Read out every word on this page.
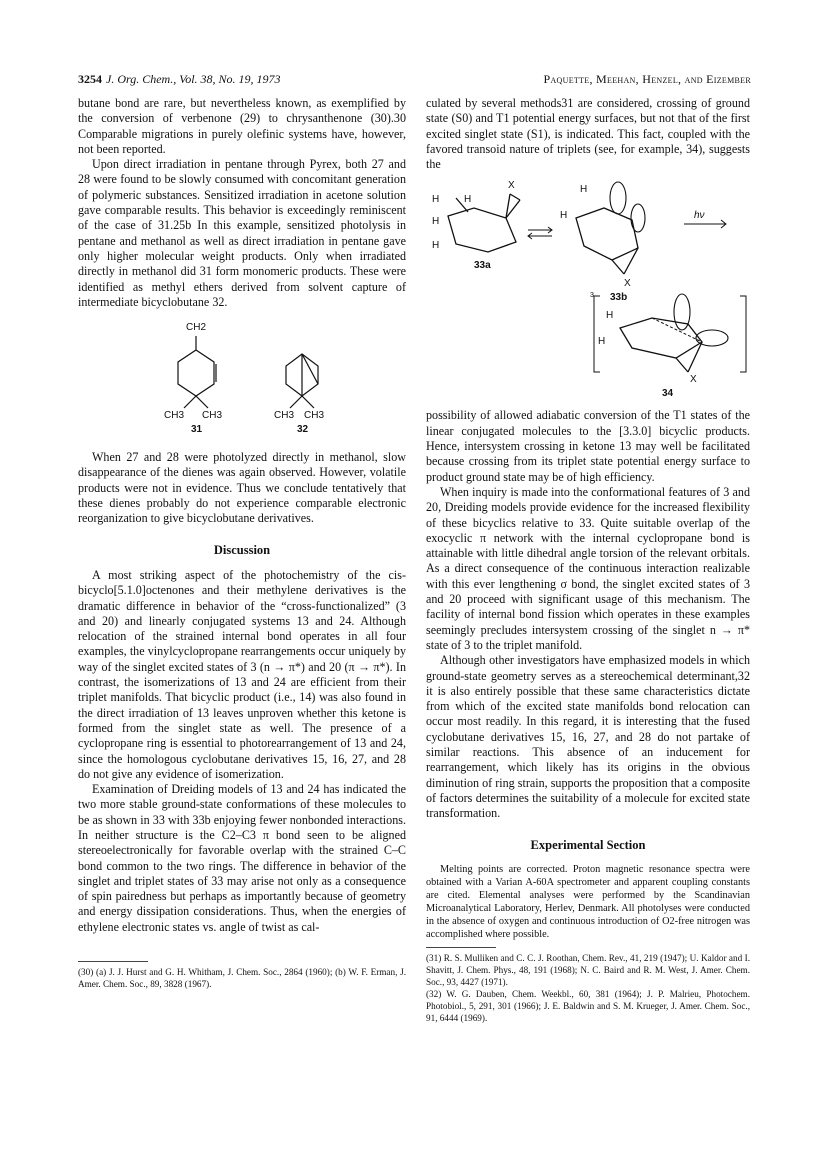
3254 J. Org. Chem., Vol. 38, No. 19, 1973	Paquette, Meehan, Henzel, and Eizember

butane bond are rare, but nevertheless known, as exemplified by the conversion of verbenone (29) to chrysanthenone (30).30 Comparable migrations in purely olefinic systems have, however, not been reported.

Upon direct irradiation in pentane through Pyrex, both 27 and 28 were found to be slowly consumed with concomitant generation of polymeric substances. Sensitized irradiation in acetone solution gave comparable results. This behavior is exceedingly reminiscent of the case of 31.25b In this example, sensitized photolysis in pentane and methanol as well as direct irradiation in pentane gave only higher molecular weight products. Only when irradiated directly in methanol did 31 form monomeric products. These were identified as methyl ethers derived from solvent capture of intermediate bicyclobutane 32.

CH2
CH3 CH3
31
CH3 CH3
32

When 27 and 28 were photolyzed directly in methanol, slow disappearance of the dienes was again observed. However, volatile products were not in evidence. Thus we conclude tentatively that these dienes probably do not experience comparable electronic reorganization to give bicyclobutane derivatives.

Discussion

A most striking aspect of the photochemistry of the cis-bicyclo[5.1.0]octenones and their methylene derivatives is the dramatic difference in behavior of the “cross-functionalized” (3 and 20) and linearly conjugated systems 13 and 24. Although relocation of the strained internal bond operates in all four examples, the vinylcyclopropane rearrangements occur uniquely by way of the singlet excited states of 3 (n → π*) and 20 (π → π*). In contrast, the isomerizations of 13 and 24 are efficient from their triplet manifolds. That bicyclic product (i.e., 14) was also found in the direct irradiation of 13 leaves unproven whether this ketone is formed from the singlet state as well. The presence of a cyclopropane ring is essential to photorearrangement of 13 and 24, since the homologous cyclobutane derivatives 15, 16, 27, and 28 do not give any evidence of isomerization.

Examination of Dreiding models of 13 and 24 has indicated the two more stable ground-state conformations of these molecules to be as shown in 33 with 33b enjoying fewer nonbonded interactions. In neither structure is the C2–C3 π bond seen to be aligned stereoelectronically for favorable overlap with the strained C–C bond common to the two rings. The difference in behavior of the singlet and triplet states of 33 may arise not only as a consequence of spin pairedness but perhaps as importantly because of geometry and energy dissipation considerations. Thus, when the energies of ethylene electronic states vs. angle of twist as cal-

(30) (a) J. J. Hurst and G. H. Whitham, J. Chem. Soc., 2864 (1960); (b) W. F. Erman, J. Amer. Chem. Soc., 89, 3828 (1967).

culated by several methods31 are considered, crossing of ground state (S0) and T1 potential energy surfaces, but not that of the first excited singlet state (S1), is indicated. This fact, coupled with the favored transoid nature of triplets (see, for example, 34), suggests the

X
H H
H
H
33a
H
H
X
33b
hν
3
H
H
X
34

possibility of allowed adiabatic conversion of the T1 states of the linear conjugated molecules to the [3.3.0] bicyclic products. Hence, intersystem crossing in ketone 13 may well be facilitated because crossing from its triplet state potential energy surface to product ground state may be of high efficiency.

When inquiry is made into the conformational features of 3 and 20, Dreiding models provide evidence for the increased flexibility of these bicyclics relative to 33. Quite suitable overlap of the exocyclic π network with the internal cyclopropane bond is attainable with little dihedral angle torsion of the relevant orbitals. As a direct consequence of the continuous interaction realizable with this ever lengthening σ bond, the singlet excited states of 3 and 20 proceed with significant usage of this mechanism. The facility of internal bond fission which operates in these examples seemingly precludes intersystem crossing of the singlet n → π* state of 3 to the triplet manifold.

Although other investigators have emphasized models in which ground-state geometry serves as a stereochemical determinant,32 it is also entirely possible that these same characteristics dictate from which of the excited state manifolds bond relocation can occur most readily. In this regard, it is interesting that the fused cyclobutane derivatives 15, 16, 27, and 28 do not partake of similar reactions. This absence of an inducement for rearrangement, which likely has its origins in the obvious diminution of ring strain, supports the proposition that a composite of factors determines the suitability of a molecule for excited state transformation.

Experimental Section

Melting points are corrected. Proton magnetic resonance spectra were obtained with a Varian A-60A spectrometer and apparent coupling constants are cited. Elemental analyses were performed by the Scandinavian Microanalytical Laboratory, Herlev, Denmark. All photolyses were conducted in the absence of oxygen and continuous introduction of O2-free nitrogen was accomplished where possible.

(31) R. S. Mulliken and C. C. J. Roothan, Chem. Rev., 41, 219 (1947); U. Kaldor and I. Shavitt, J. Chem. Phys., 48, 191 (1968); N. C. Baird and R. M. West, J. Amer. Chem. Soc., 93, 4427 (1971).

(32) W. G. Dauben, Chem. Weekbl., 60, 381 (1964); J. P. Malrieu, Photochem. Photobiol., 5, 291, 301 (1966); J. E. Baldwin and S. M. Krueger, J. Amer. Chem. Soc., 91, 6444 (1969).
